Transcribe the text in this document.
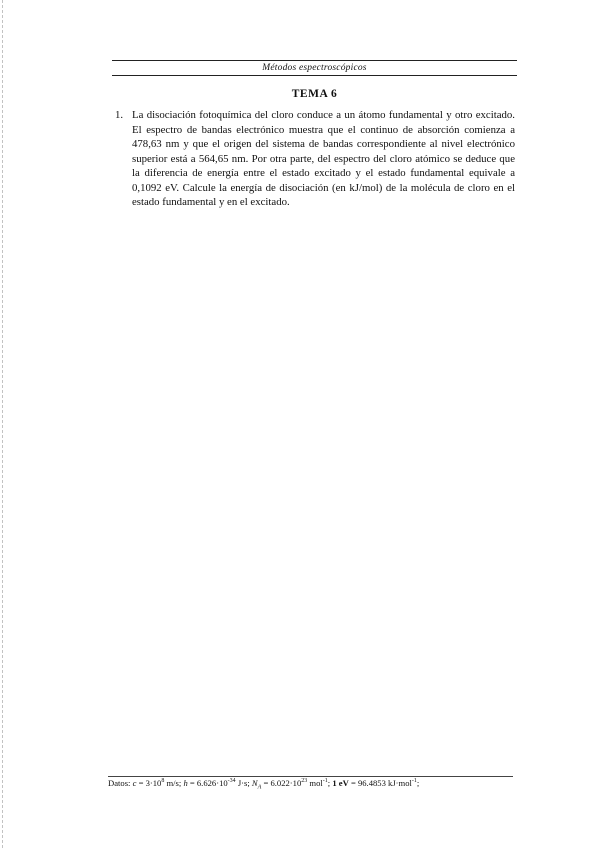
Métodos espectroscópicos
TEMA 6
1. La disociación fotoquímica del cloro conduce a un átomo fundamental y otro excitado. El espectro de bandas electrónico muestra que el continuo de absorción comienza a 478,63 nm y que el origen del sistema de bandas correspondiente al nivel electrónico superior está a 564,65 nm. Por otra parte, del espectro del cloro atómico se deduce que la diferencia de energía entre el estado excitado y el estado fundamental equivale a 0,1092 eV. Calcule la energía de disociación (en kJ/mol) de la molécula de cloro en el estado fundamental y en el excitado.
Datos: $c = 3\cdot 10^8$ m/s; $h = 6.626\cdot 10^{-34}$ J·s; $N_A = 6.022\cdot 10^{23}$ mol$^{-1}$; 1 eV = 96.4853 kJ·mol$^{-1}$;
